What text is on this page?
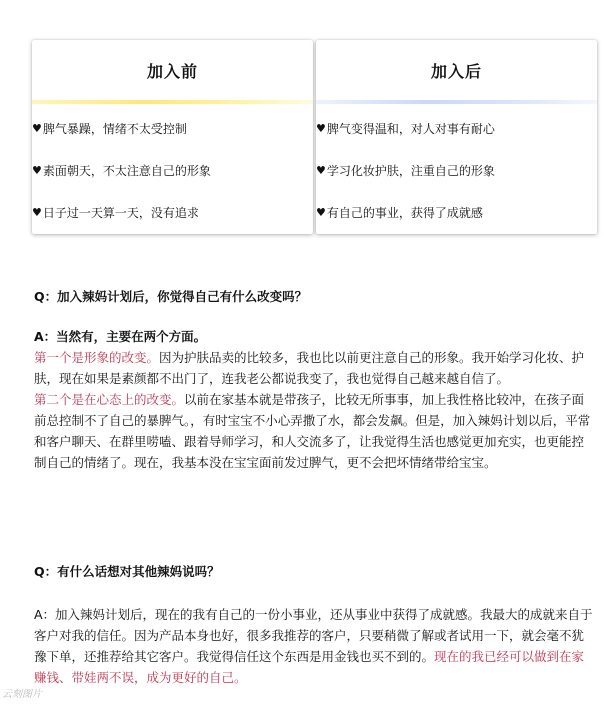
加入前
♥ 脾气暴躁，情绪不太受控制
♥ 素面朝天，不太注意自己的形象
♥ 日子过一天算一天，没有追求
加入后
♥ 脾气变得温和，对人对事有耐心
♥ 学习化妆护肤，注重自己的形象
♥ 有自己的事业，获得了成就感

Q：加入辣妈计划后，你觉得自己有什么改变吗？

A：当然有，主要在两个方面。

第一个是形象的改变。因为护肤品卖的比较多，我也比以前更注意自己的形象。我开始学习化妆、护肤，现在如果是素颜都不出门了，连我老公都说我变了，我也觉得自己越来越自信了。

第二个是在心态上的改变。以前在家基本就是带孩子，比较无所事事，加上我性格比较冲，在孩子面前总控制不了自己的暴脾气。，有时宝宝不小心弄撒了水，都会发飙。但是，加入辣妈计划以后，平常和客户聊天、在群里唠嗑、跟着导师学习，和人交流多了，让我觉得生活也感觉更加充实，也更能控制自己的情绪了。现在，我基本没在宝宝面前发过脾气，更不会把坏情绪带给宝宝。

Q：有什么话想对其他辣妈说吗？

A：加入辣妈计划后，现在的我有自己的一份小事业，还从事业中获得了成就感。我最大的成就来自于客户对我的信任。因为产品本身也好，很多我推荐的客户，只要稍微了解或者试用一下，就会毫不犹豫下单，还推荐给其它客户。我觉得信任这个东西是用金钱也买不到的。现在的我已经可以做到在家赚钱、带娃两不误，成为更好的自己。

云刻图片
